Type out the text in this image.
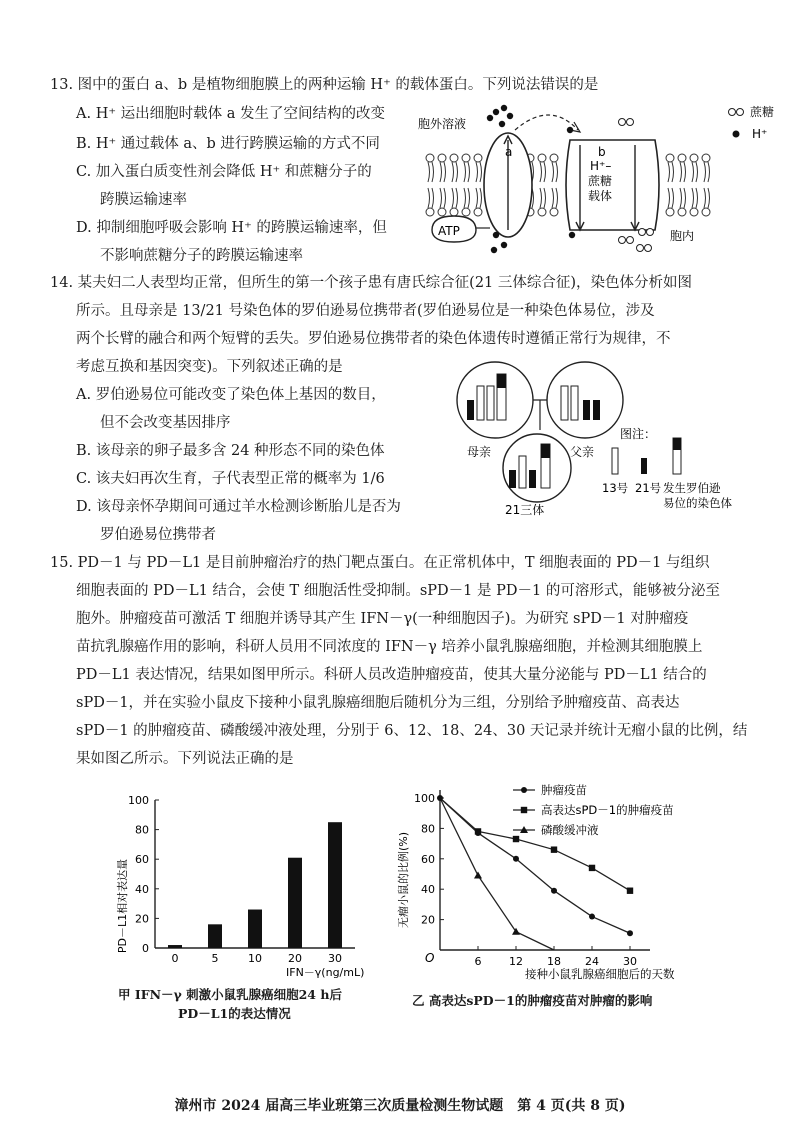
13. 图中的蛋白 a、b 是植物细胞膜上的两种运输 H⁺ 的载体蛋白。下列说法错误的是
A. H⁺ 运出细胞时载体 a 发生了空间结构的改变
B. H⁺ 通过载体 a、b 进行跨膜运输的方式不同
C. 加入蛋白质变性剂会降低 H⁺ 和蔗糖分子的
跨膜运输速率
D. 抑制细胞呼吸会影响 H⁺ 的跨膜运输速率，但
不影响蔗糖分子的跨膜运输速率
a	b
H⁺–
蔗糖
载体
ATP
胞外溶液
胞内
蔗糖
H⁺
14. 某夫妇二人表型均正常，但所生的第一个孩子患有唐氏综合征(21 三体综合征)，染色体分析如图
所示。且母亲是 13/21 号染色体的罗伯逊易位携带者(罗伯逊易位是一种染色体易位，涉及
两个长臂的融合和两个短臂的丢失。罗伯逊易位携带者的染色体遗传时遵循正常行为规律，不
考虑互换和基因突变)。下列叙述正确的是
A. 罗伯逊易位可能改变了染色体上基因的数目，
但不会改变基因排序
B. 该母亲的卵子最多含 24 种形态不同的染色体
C. 该夫妇再次生育，子代表型正常的概率为 1/6
D. 该母亲怀孕期间可通过羊水检测诊断胎儿是否为
罗伯逊易位携带者
母亲	父亲
21三体
图注：
13号 21号 发生罗伯逊
易位的染色体
15. PD－1 与 PD－L1 是目前肿瘤治疗的热门靶点蛋白。在正常机体中，T 细胞表面的 PD－1 与组织
细胞表面的 PD－L1 结合，会使 T 细胞活性受抑制。sPD－1 是 PD－1 的可溶形式，能够被分泌至
胞外。肿瘤疫苗可激活 T 细胞并诱导其产生 IFN－γ(一种细胞因子)。为研究 sPD－1 对肿瘤疫
苗抗乳腺癌作用的影响，科研人员用不同浓度的 IFN－γ 培养小鼠乳腺癌细胞，并检测其细胞膜上
PD－L1 表达情况，结果如图甲所示。科研人员改造肿瘤疫苗，使其大量分泌能与 PD－L1 结合的
sPD－1，并在实验小鼠皮下接种小鼠乳腺癌细胞后随机分为三组，分别给予肿瘤疫苗、高表达
sPD－1 的肿瘤疫苗、磷酸缓冲液处理，分别于 6、12、18、24、30 天记录并统计无瘤小鼠的比例，结
果如图乙所示。下列说法正确的是
PD－L1相对表达量 0
20
40
60
80
100
0	5	10 20 30
IFN－γ(ng/mL)
甲 IFN－γ 刺激小鼠乳腺癌细胞24 h后
PD－L1的表达情况
无瘤小鼠的比例(%) 20
40
60
80
100
6	12 18 24 30
肿瘤疫苗
高表达sPD－1的肿瘤疫苗
磷酸缓冲液
O
接种小鼠乳腺癌细胞后的天数
乙 高表达sPD－1的肿瘤疫苗对肿瘤的影响
漳州市 2024 届高三毕业班第三次质量检测生物试题　第 4 页(共 8 页)
